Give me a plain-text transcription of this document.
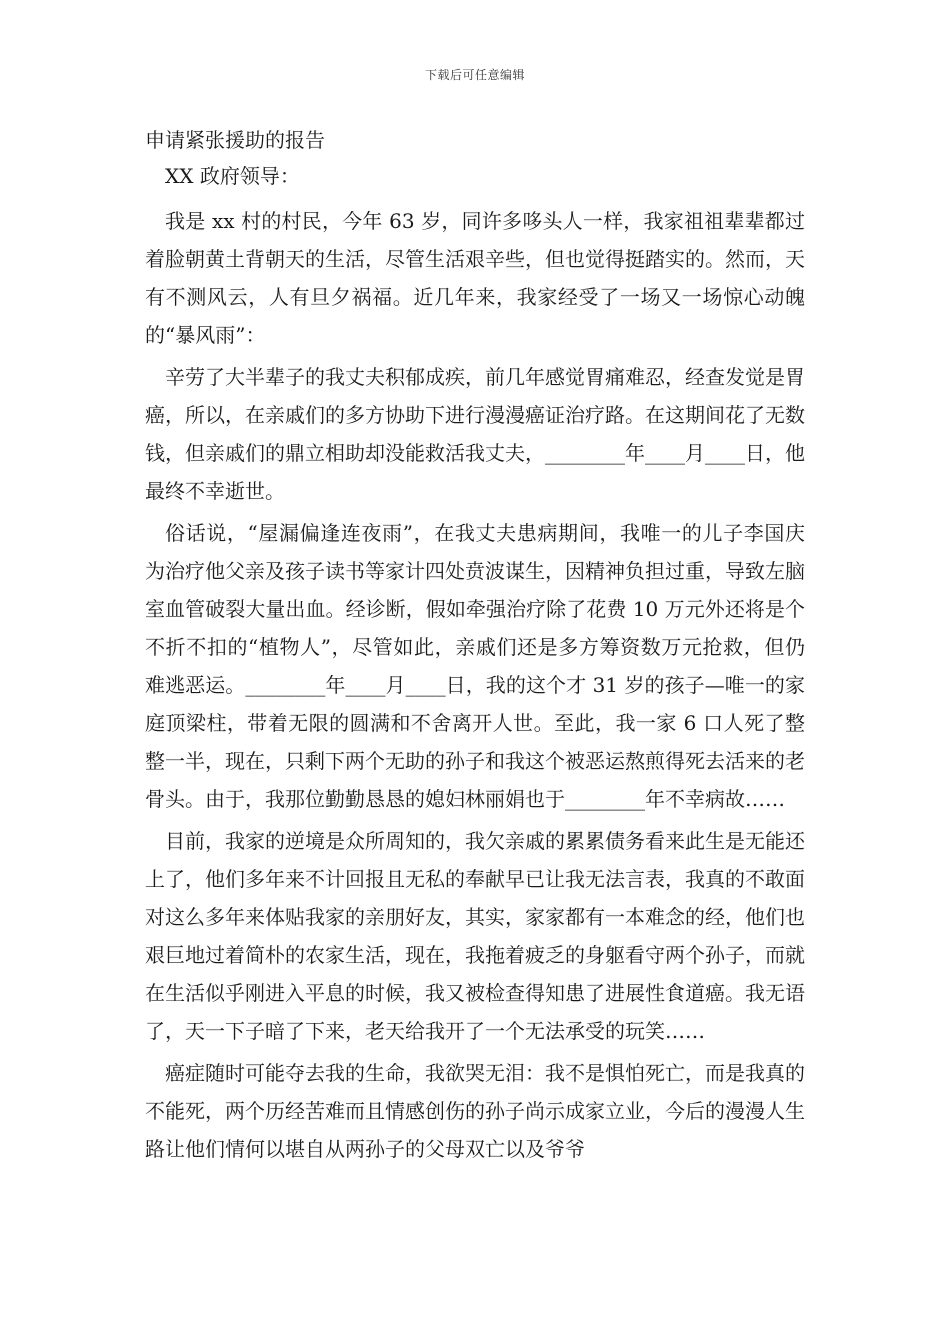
下载后可任意编辑
申请紧张援助的报告

XX 政府领导：

我是 xx 村的村民，今年 63 岁，同许多哆头人一样，我家祖祖辈辈都过着脸朝黄土背朝天的生活，尽管生活艰辛些，但也觉得挺踏实的。然而，天有不测风云，人有旦夕祸福。近几年来，我家经受了一场又一场惊心动魄的“暴风雨”：

辛劳了大半辈子的我丈夫积郁成疾，前几年感觉胃痛难忍，经查发觉是胃癌，所以，在亲戚们的多方协助下进行漫漫癌证治疗路。在这期间花了无数钱，但亲戚们的鼎立相助却没能救活我丈夫，________年____月____日，他最终不幸逝世。

俗话说，“屋漏偏逢连夜雨”，在我丈夫患病期间，我唯一的儿子李国庆为治疗他父亲及孩子读书等家计四处贲波谋生，因精神负担过重，导致左脑室血管破裂大量出血。经诊断，假如牵强治疗除了花费 10 万元外还将是个不折不扣的“植物人”，尽管如此，亲戚们还是多方筹资数万元抢救，但仍难逃恶运。________年____月____日，我的这个才 31 岁的孩子—唯一的家庭顶梁柱，带着无限的圆满和不舍离开人世。至此，我一家 6 口人死了整整一半，现在，只剩下两个无助的孙子和我这个被恶运熬煎得死去活来的老骨头。由于，我那位勤勤恳恳的媳妇林丽娟也于________年不幸病故……

目前，我家的逆境是众所周知的，我欠亲戚的累累债务看来此生是无能还上了，他们多年来不计回报且无私的奉献早已让我无法言表，我真的不敢面对这么多年来体贴我家的亲朋好友，其实，家家都有一本难念的经，他们也艰巨地过着简朴的农家生活，现在，我拖着疲乏的身躯看守两个孙子，而就在生活似乎刚进入平息的时候，我又被检查得知患了进展性食道癌。我无语了，天一下子暗了下来，老天给我开了一个无法承受的玩笑……

癌症随时可能夺去我的生命，我欲哭无泪：我不是惧怕死亡，而是我真的不能死，两个历经苦难而且情感创伤的孙子尚示成家立业，今后的漫漫人生路让他们情何以堪自从两孙子的父母双亡以及爷爷
